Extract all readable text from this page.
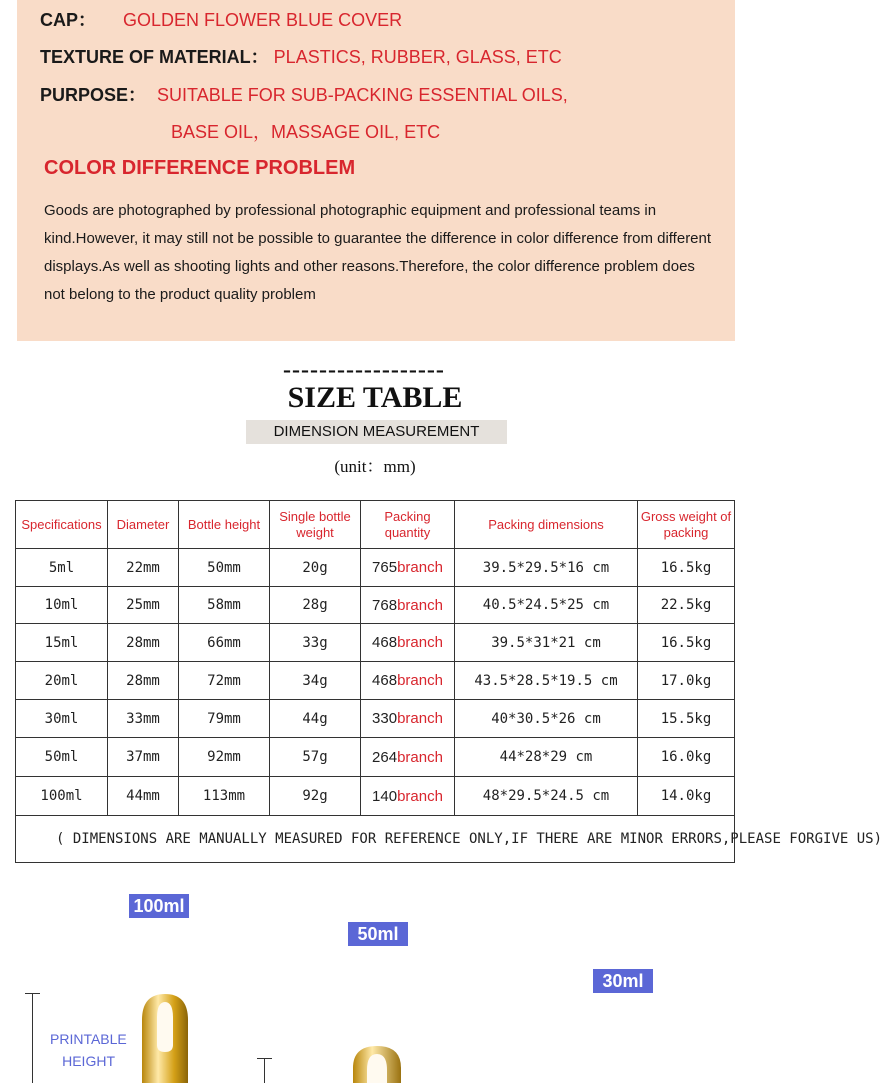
CAP： GOLDEN FLOWER BLUE COVER
TEXTURE OF MATERIAL： PLASTICS, RUBBER, GLASS, ETC
PURPOSE： SUITABLE FOR SUB-PACKING ESSENTIAL OILS,
BASE OIL，MASSAGE OIL, ETC
COLOR DIFFERENCE PROBLEM
Goods are photographed by professional photographic equipment and professional teams in kind.However, it may still not be possible to guarantee the difference in color difference from different displays.As well as shooting lights and other reasons.Therefore, the color difference problem does not belong to the product quality problem
------------------
SIZE TABLE
DIMENSION MEASUREMENT
(unit：mm)
Specifications	Diameter	Bottle height	Single bottle weight	Packing quantity	Packing dimensions	Gross weight of packing
5ml	22mm	50mm	20g	765branch	39.5*29.5*16 cm	16.5kg
10ml	25mm	58mm	28g	768branch	40.5*24.5*25 cm	22.5kg
15ml	28mm	66mm	33g	468branch	39.5*31*21 cm	16.5kg
20ml	28mm	72mm	34g	468branch	43.5*28.5*19.5 cm	17.0kg
30ml	33mm	79mm	44g	330branch	40*30.5*26 cm	15.5kg
50ml	37mm	92mm	57g	264branch	44*28*29 cm	16.0kg
100ml	44mm	113mm	92g	140branch	48*29.5*24.5 cm	14.0kg

( DIMENSIONS ARE MANUALLY MEASURED FOR REFERENCE ONLY,IF THERE ARE MINOR ERRORS,PLEASE FORGIVE US)						
100ml
50ml
30ml
PRINTABLE
HEIGHT
